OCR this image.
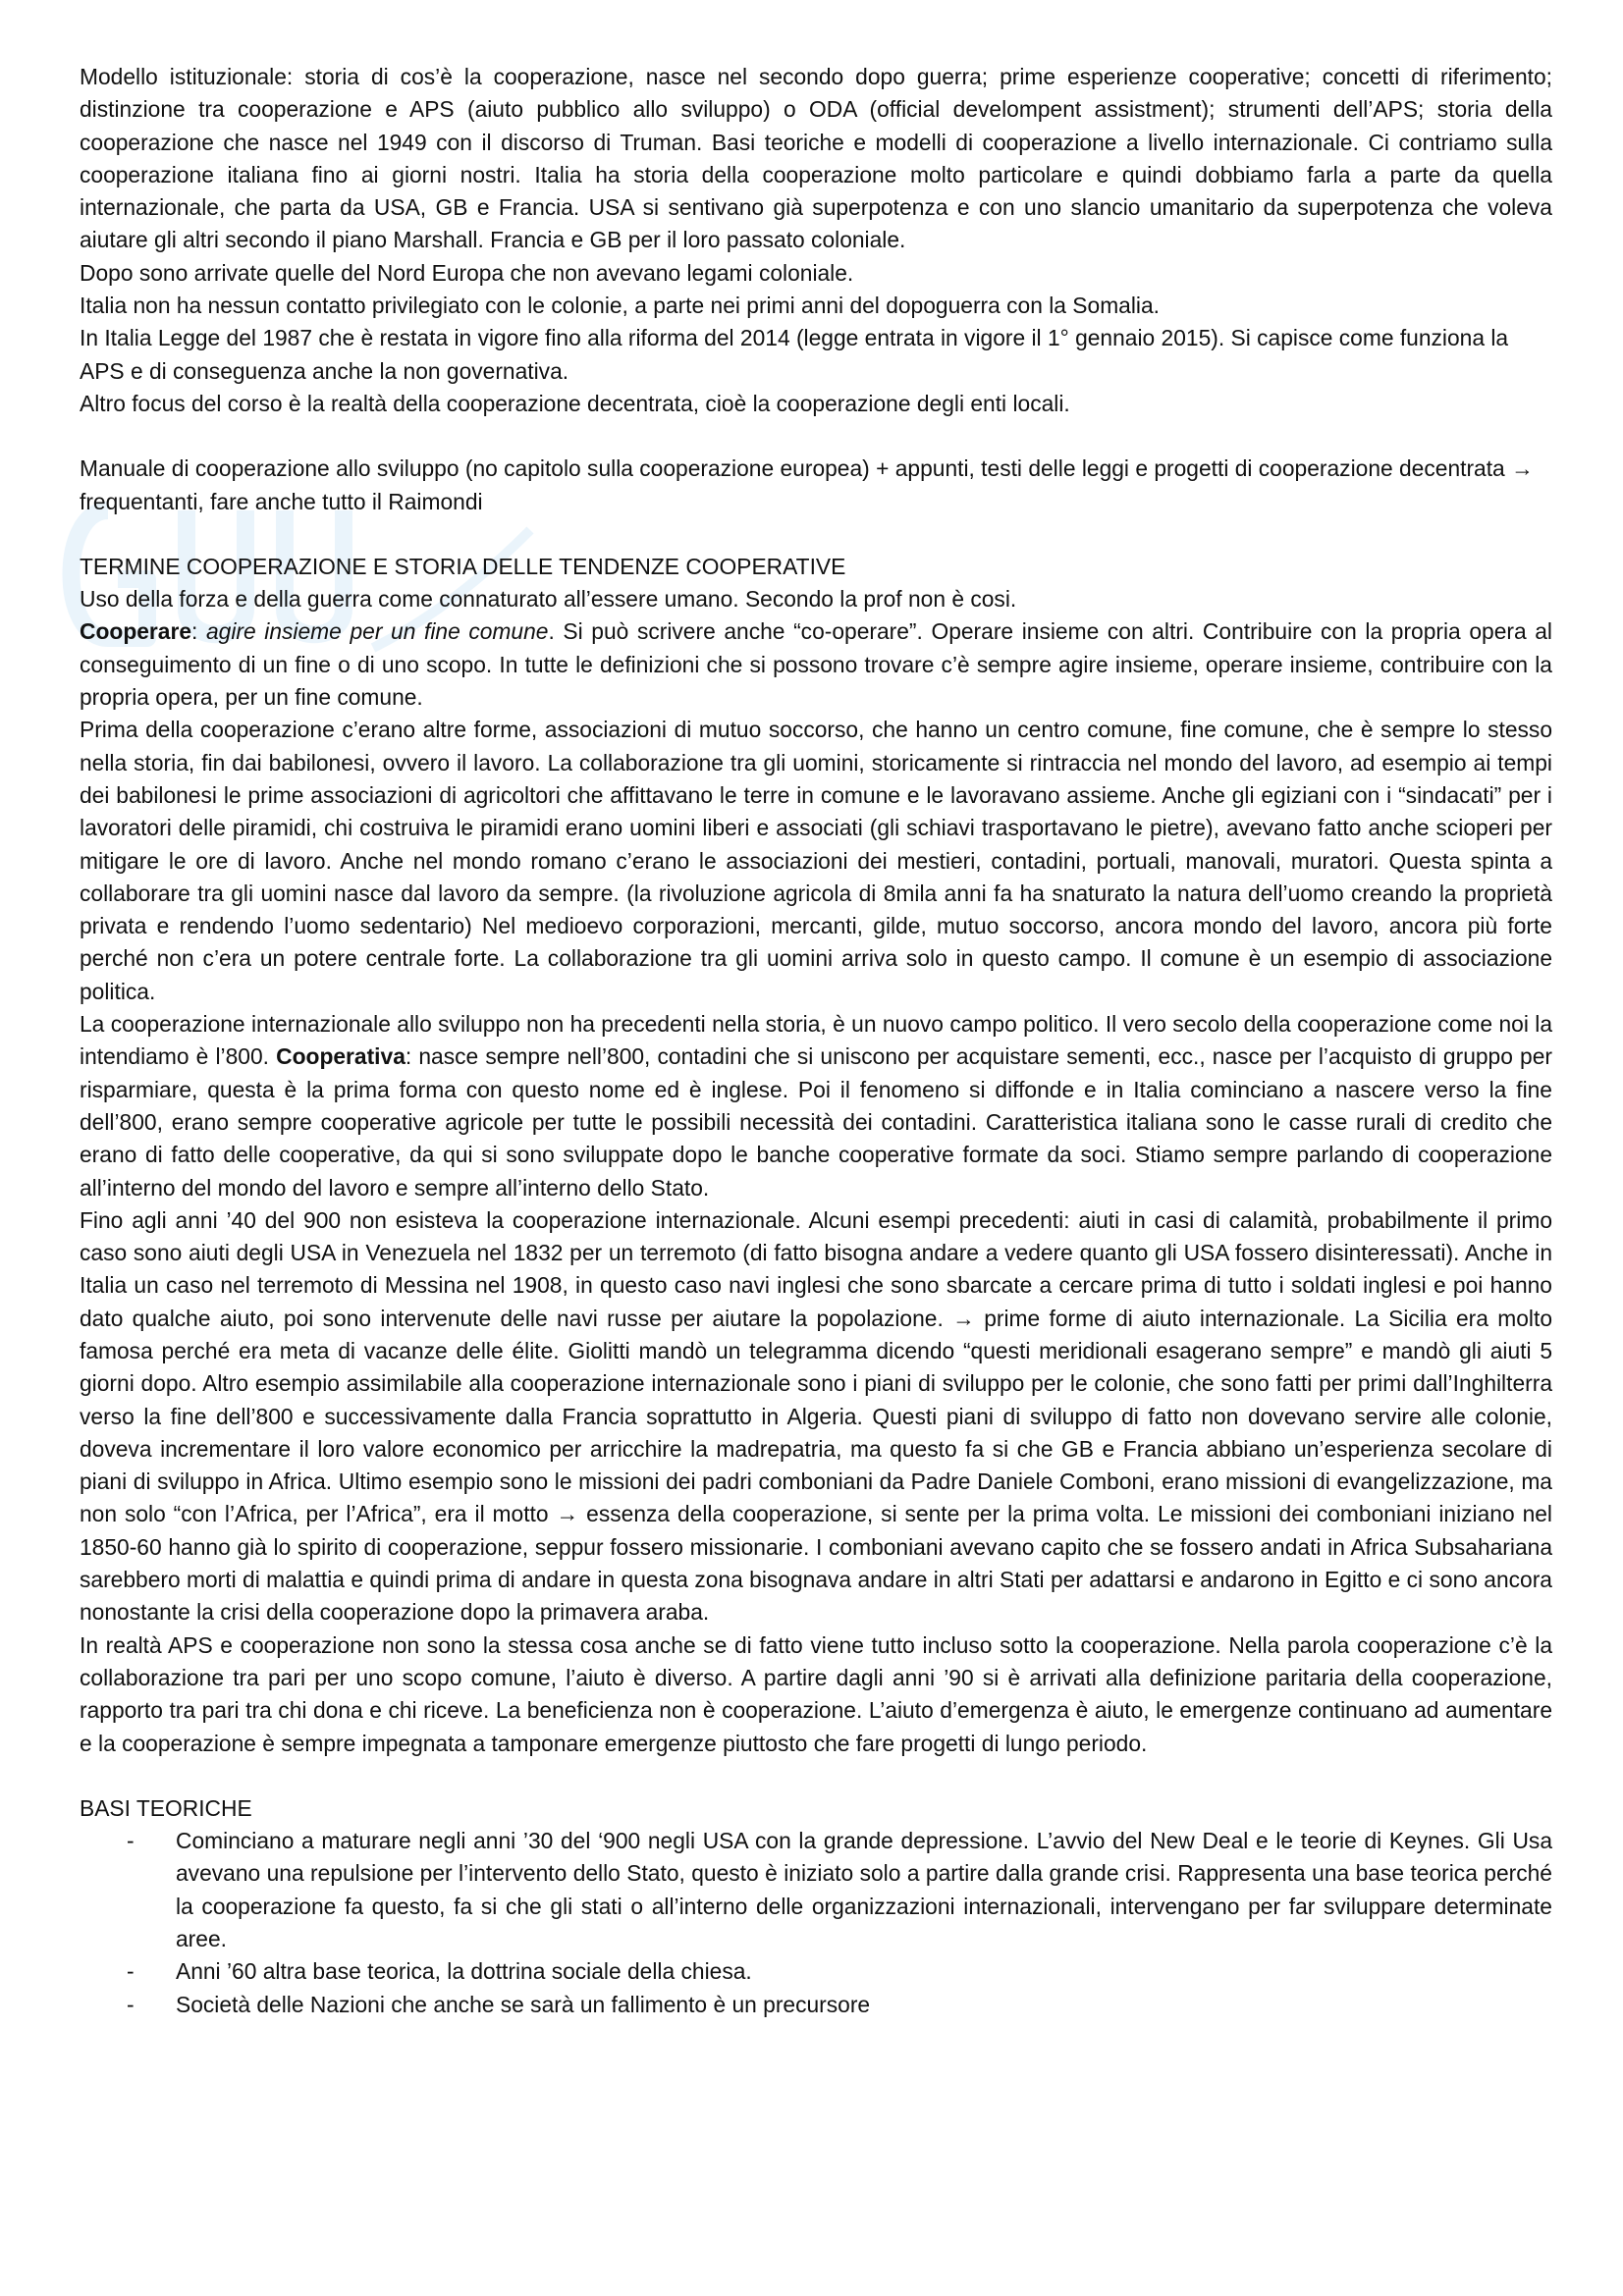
Modello istituzionale: storia di cos’è la cooperazione, nasce nel secondo dopo guerra; prime esperienze cooperative; concetti di riferimento; distinzione tra cooperazione e APS (aiuto pubblico allo sviluppo) o ODA (official develompent assistment); strumenti dell’APS; storia della cooperazione che nasce nel 1949 con il discorso di Truman. Basi teoriche e modelli di cooperazione a livello internazionale. Ci contriamo sulla cooperazione italiana fino ai giorni nostri. Italia ha storia della cooperazione molto particolare e quindi dobbiamo farla a parte da quella internazionale, che parta da USA, GB e Francia. USA si sentivano già superpotenza e con uno slancio umanitario da superpotenza che voleva aiutare gli altri secondo il piano Marshall. Francia e GB per il loro passato coloniale.

Dopo sono arrivate quelle del Nord Europa che non avevano legami coloniale.

Italia non ha nessun contatto privilegiato con le colonie, a parte nei primi anni del dopoguerra con la Somalia.

In Italia Legge del 1987 che è restata in vigore fino alla riforma del 2014 (legge entrata in vigore il 1° gennaio 2015). Si capisce come funziona la APS e di conseguenza anche la non governativa.

Altro focus del corso è la realtà della cooperazione decentrata, cioè la cooperazione degli enti locali.

Manuale di cooperazione allo sviluppo (no capitolo sulla cooperazione europea) + appunti, testi delle leggi e progetti di cooperazione decentrata → frequentanti, fare anche tutto il Raimondi

TERMINE COOPERAZIONE E STORIA DELLE TENDENZE COOPERATIVE

Uso della forza e della guerra come connaturato all’essere umano. Secondo la prof non è cosi.

Cooperare: agire insieme per un fine comune. Si può scrivere anche “co-operare”. Operare insieme con altri. Contribuire con la propria opera al conseguimento di un fine o di uno scopo. In tutte le definizioni che si possono trovare c’è sempre agire insieme, operare insieme, contribuire con la propria opera, per un fine comune.

Prima della cooperazione c’erano altre forme, associazioni di mutuo soccorso, che hanno un centro comune, fine comune, che è sempre lo stesso nella storia, fin dai babilonesi, ovvero il lavoro. La collaborazione tra gli uomini, storicamente si rintraccia nel mondo del lavoro, ad esempio ai tempi dei babilonesi le prime associazioni di agricoltori che affittavano le terre in comune e le lavoravano assieme. Anche gli egiziani con i “sindacati” per i lavoratori delle piramidi, chi costruiva le piramidi erano uomini liberi e associati (gli schiavi trasportavano le pietre), avevano fatto anche scioperi per mitigare le ore di lavoro. Anche nel mondo romano c’erano le associazioni dei mestieri, contadini, portuali, manovali, muratori. Questa spinta a collaborare tra gli uomini nasce dal lavoro da sempre. (la rivoluzione agricola di 8mila anni fa ha snaturato la natura dell’uomo creando la proprietà privata e rendendo l’uomo sedentario) Nel medioevo corporazioni, mercanti, gilde, mutuo soccorso, ancora mondo del lavoro, ancora più forte perché non c’era un potere centrale forte. La collaborazione tra gli uomini arriva solo in questo campo. Il comune è un esempio di associazione politica.

La cooperazione internazionale allo sviluppo non ha precedenti nella storia, è un nuovo campo politico. Il vero secolo della cooperazione come noi la intendiamo è l’800. Cooperativa: nasce sempre nell’800, contadini che si uniscono per acquistare sementi, ecc., nasce per l’acquisto di gruppo per risparmiare, questa è la prima forma con questo nome ed è inglese. Poi il fenomeno si diffonde e in Italia cominciano a nascere verso la fine dell’800, erano sempre cooperative agricole per tutte le possibili necessità dei contadini. Caratteristica italiana sono le casse rurali di credito che erano di fatto delle cooperative, da qui si sono sviluppate dopo le banche cooperative formate da soci. Stiamo sempre parlando di cooperazione all’interno del mondo del lavoro e sempre all’interno dello Stato.

Fino agli anni ’40 del 900 non esisteva la cooperazione internazionale. Alcuni esempi precedenti: aiuti in casi di calamità, probabilmente il primo caso sono aiuti degli USA in Venezuela nel 1832 per un terremoto (di fatto bisogna andare a vedere quanto gli USA fossero disinteressati). Anche in Italia un caso nel terremoto di Messina nel 1908, in questo caso navi inglesi che sono sbarcate a cercare prima di tutto i soldati inglesi e poi hanno dato qualche aiuto, poi sono intervenute delle navi russe per aiutare la popolazione. → prime forme di aiuto internazionale. La Sicilia era molto famosa perché era meta di vacanze delle élite. Giolitti mandò un telegramma dicendo “questi meridionali esagerano sempre” e mandò gli aiuti 5 giorni dopo. Altro esempio assimilabile alla cooperazione internazionale sono i piani di sviluppo per le colonie, che sono fatti per primi dall’Inghilterra verso la fine dell’800 e successivamente dalla Francia soprattutto in Algeria. Questi piani di sviluppo di fatto non dovevano servire alle colonie, doveva incrementare il loro valore economico per arricchire la madrepatria, ma questo fa si che GB e Francia abbiano un’esperienza secolare di piani di sviluppo in Africa. Ultimo esempio sono le missioni dei padri comboniani da Padre Daniele Comboni, erano missioni di evangelizzazione, ma non solo “con l’Africa, per l’Africa”, era il motto → essenza della cooperazione, si sente per la prima volta. Le missioni dei comboniani iniziano nel 1850-60 hanno già lo spirito di cooperazione, seppur fossero missionarie. I comboniani avevano capito che se fossero andati in Africa Subsahariana sarebbero morti di malattia e quindi prima di andare in questa zona bisognava andare in altri Stati per adattarsi e andarono in Egitto e ci sono ancora nonostante la crisi della cooperazione dopo la primavera araba.

In realtà APS e cooperazione non sono la stessa cosa anche se di fatto viene tutto incluso sotto la cooperazione. Nella parola cooperazione c’è la collaborazione tra pari per uno scopo comune, l’aiuto è diverso. A partire dagli anni ’90 si è arrivati alla definizione paritaria della cooperazione, rapporto tra pari tra chi dona e chi riceve. La beneficienza non è cooperazione. L’aiuto d’emergenza è aiuto, le emergenze continuano ad aumentare e la cooperazione è sempre impegnata a tamponare emergenze piuttosto che fare progetti di lungo periodo.

BASI TEORICHE

- Cominciano a maturare negli anni ’30 del ‘900 negli USA con la grande depressione. L’avvio del New Deal e le teorie di Keynes. Gli Usa avevano una repulsione per l’intervento dello Stato, questo è iniziato solo a partire dalla grande crisi. Rappresenta una base teorica perché la cooperazione fa questo, fa si che gli stati o all’interno delle organizzazioni internazionali, intervengano per far sviluppare determinate aree.
- Anni ’60 altra base teorica, la dottrina sociale della chiesa.
- Società delle Nazioni che anche se sarà un fallimento è un precursore
